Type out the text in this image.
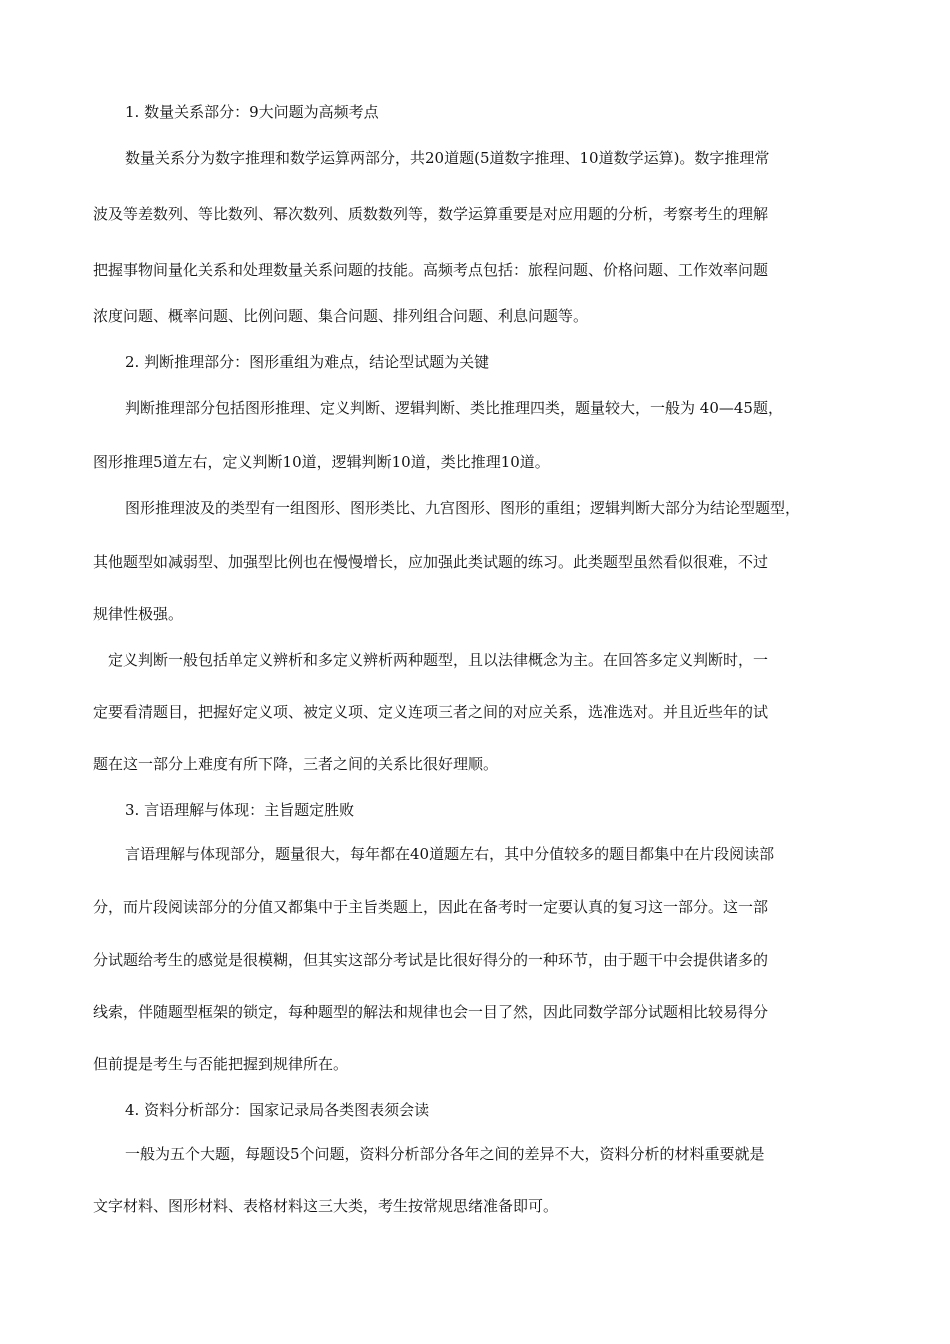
1. 数量关系部分：9大问题为高频考点

数量关系分为数字推理和数学运算两部分，共20道题(5道数字推理、10道数学运算)。数字推理常

波及等差数列、等比数列、幂次数列、质数数列等，数学运算重要是对应用题的分析，考察考生的理解

把握事物间量化关系和处理数量关系问题的技能。高频考点包括：旅程问题、价格问题、工作效率问题

浓度问题、概率问题、比例问题、集合问题、排列组合问题、利息问题等。

2. 判断推理部分：图形重组为难点，结论型试题为关键

判断推理部分包括图形推理、定义判断、逻辑判断、类比推理四类，题量较大，一般为 40—45题，

图形推理5道左右，定义判断10道，逻辑判断10道，类比推理10道。

图形推理波及的类型有一组图形、图形类比、九宫图形、图形的重组；逻辑判断大部分为结论型题型，

其他题型如减弱型、加强型比例也在慢慢增长，应加强此类试题的练习。此类题型虽然看似很难，不过

规律性极强。

定义判断一般包括单定义辨析和多定义辨析两种题型，且以法律概念为主。在回答多定义判断时，一

定要看清题目，把握好定义项、被定义项、定义连项三者之间的对应关系，选准选对。并且近些年的试

题在这一部分上难度有所下降，三者之间的关系比很好理顺。

3. 言语理解与体现：主旨题定胜败

言语理解与体现部分，题量很大，每年都在40道题左右，其中分值较多的题目都集中在片段阅读部

分，而片段阅读部分的分值又都集中于主旨类题上，因此在备考时一定要认真的复习这一部分。这一部

分试题给考生的感觉是很模糊，但其实这部分考试是比很好得分的一种环节，由于题干中会提供诸多的

线索，伴随题型框架的锁定，每种题型的解法和规律也会一目了然，因此同数学部分试题相比较易得分

但前提是考生与否能把握到规律所在。

4. 资料分析部分：国家记录局各类图表须会读

一般为五个大题，每题设5个问题，资料分析部分各年之间的差异不大，资料分析的材料重要就是

文字材料、图形材料、表格材料这三大类，考生按常规思绪准备即可。
